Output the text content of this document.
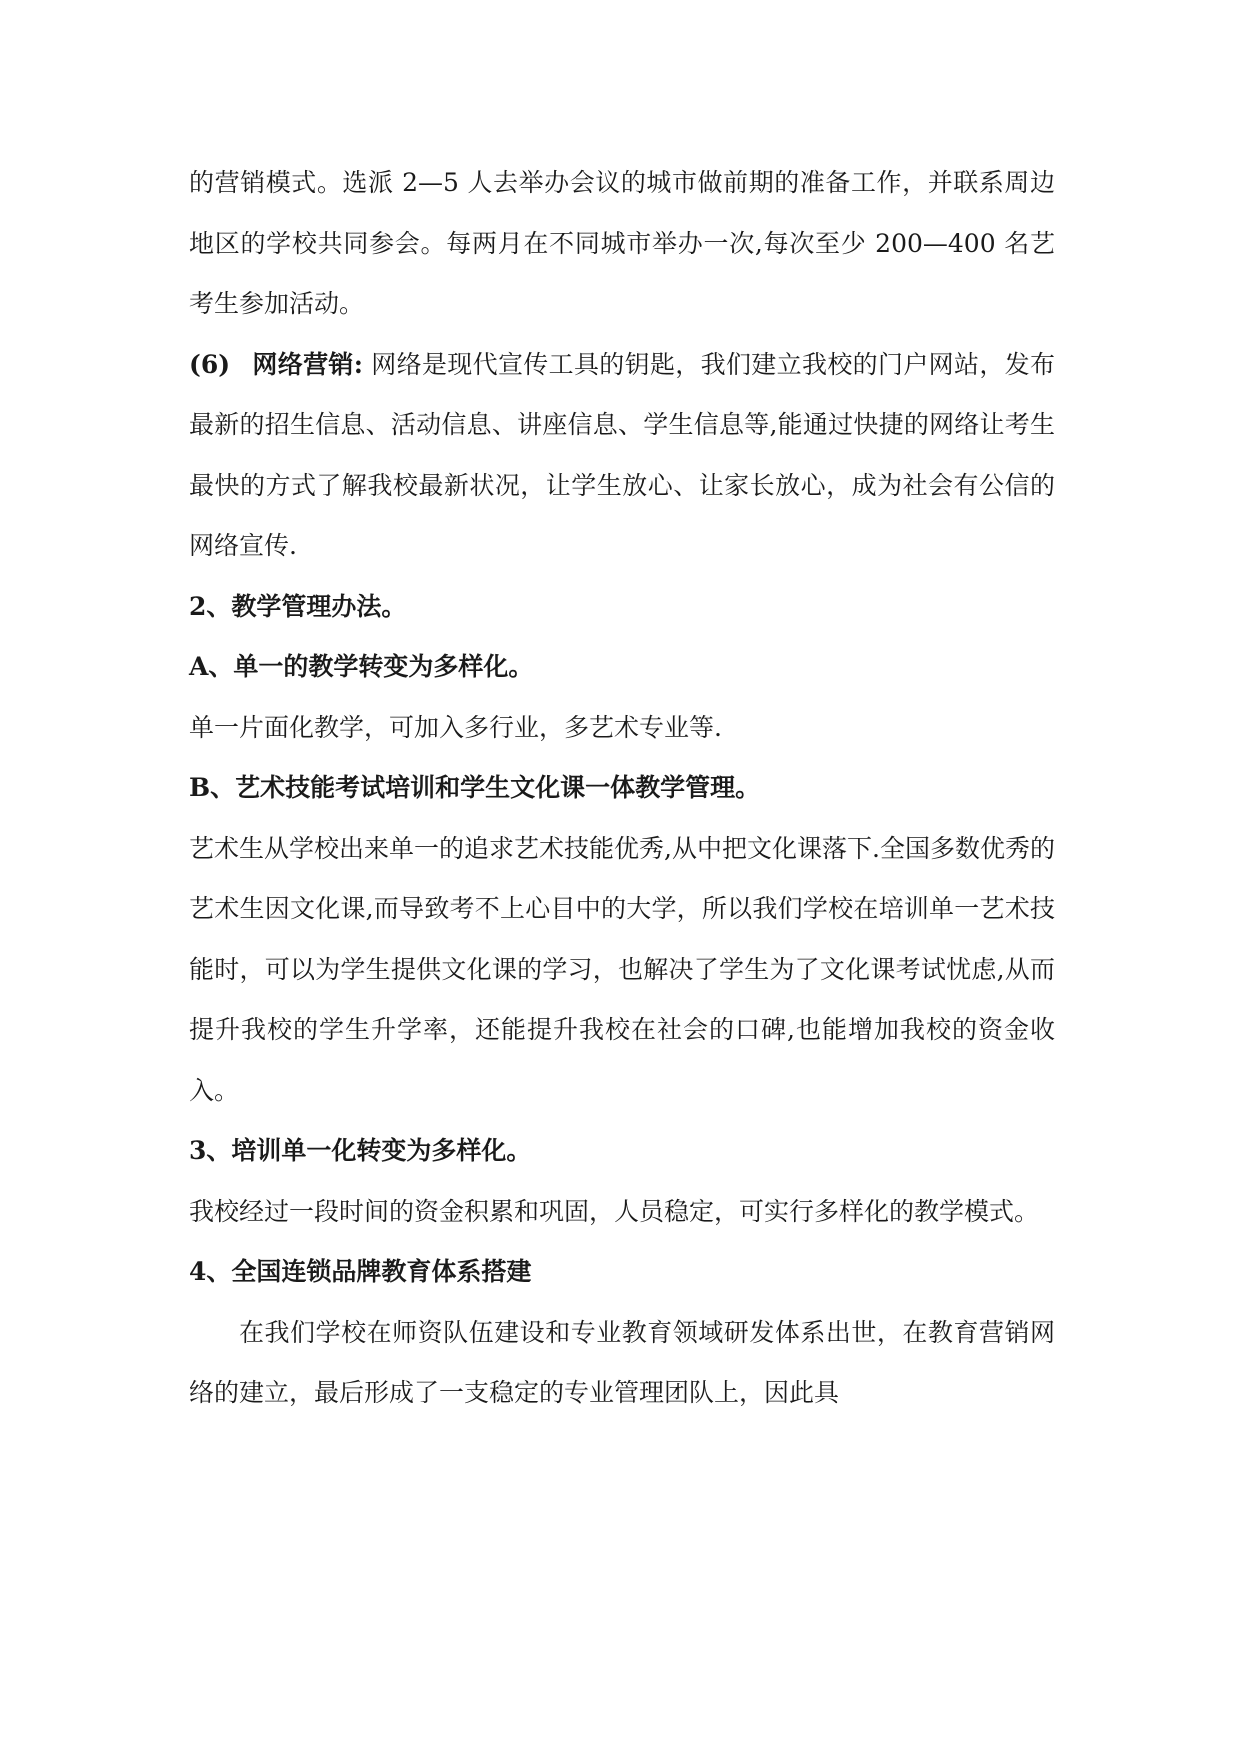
的营销模式。选派 2—5 人去举办会议的城市做前期的准备工作，并联系周边地区的学校共同参会。每两月在不同城市举办一次,每次至少 200—400 名艺考生参加活动。

(6) 网络营销: 网络是现代宣传工具的钥匙，我们建立我校的门户网站，发布最新的招生信息、活动信息、讲座信息、学生信息等,能通过快捷的网络让考生最快的方式了解我校最新状况，让学生放心、让家长放心，成为社会有公信的网络宣传.

2、教学管理办法。

A、单一的教学转变为多样化。

单一片面化教学，可加入多行业，多艺术专业等.

B、艺术技能考试培训和学生文化课一体教学管理。

艺术生从学校出来单一的追求艺术技能优秀,从中把文化课落下.全国多数优秀的艺术生因文化课,而导致考不上心目中的大学，所以我们学校在培训单一艺术技能时，可以为学生提供文化课的学习，也解决了学生为了文化课考试忧虑,从而提升我校的学生升学率，还能提升我校在社会的口碑,也能增加我校的资金收入。

3、培训单一化转变为多样化。

我校经过一段时间的资金积累和巩固，人员稳定，可实行多样化的教学模式。

4、全国连锁品牌教育体系搭建

在我们学校在师资队伍建设和专业教育领域研发体系出世，在教育营销网络的建立，最后形成了一支稳定的专业管理团队上，因此具
